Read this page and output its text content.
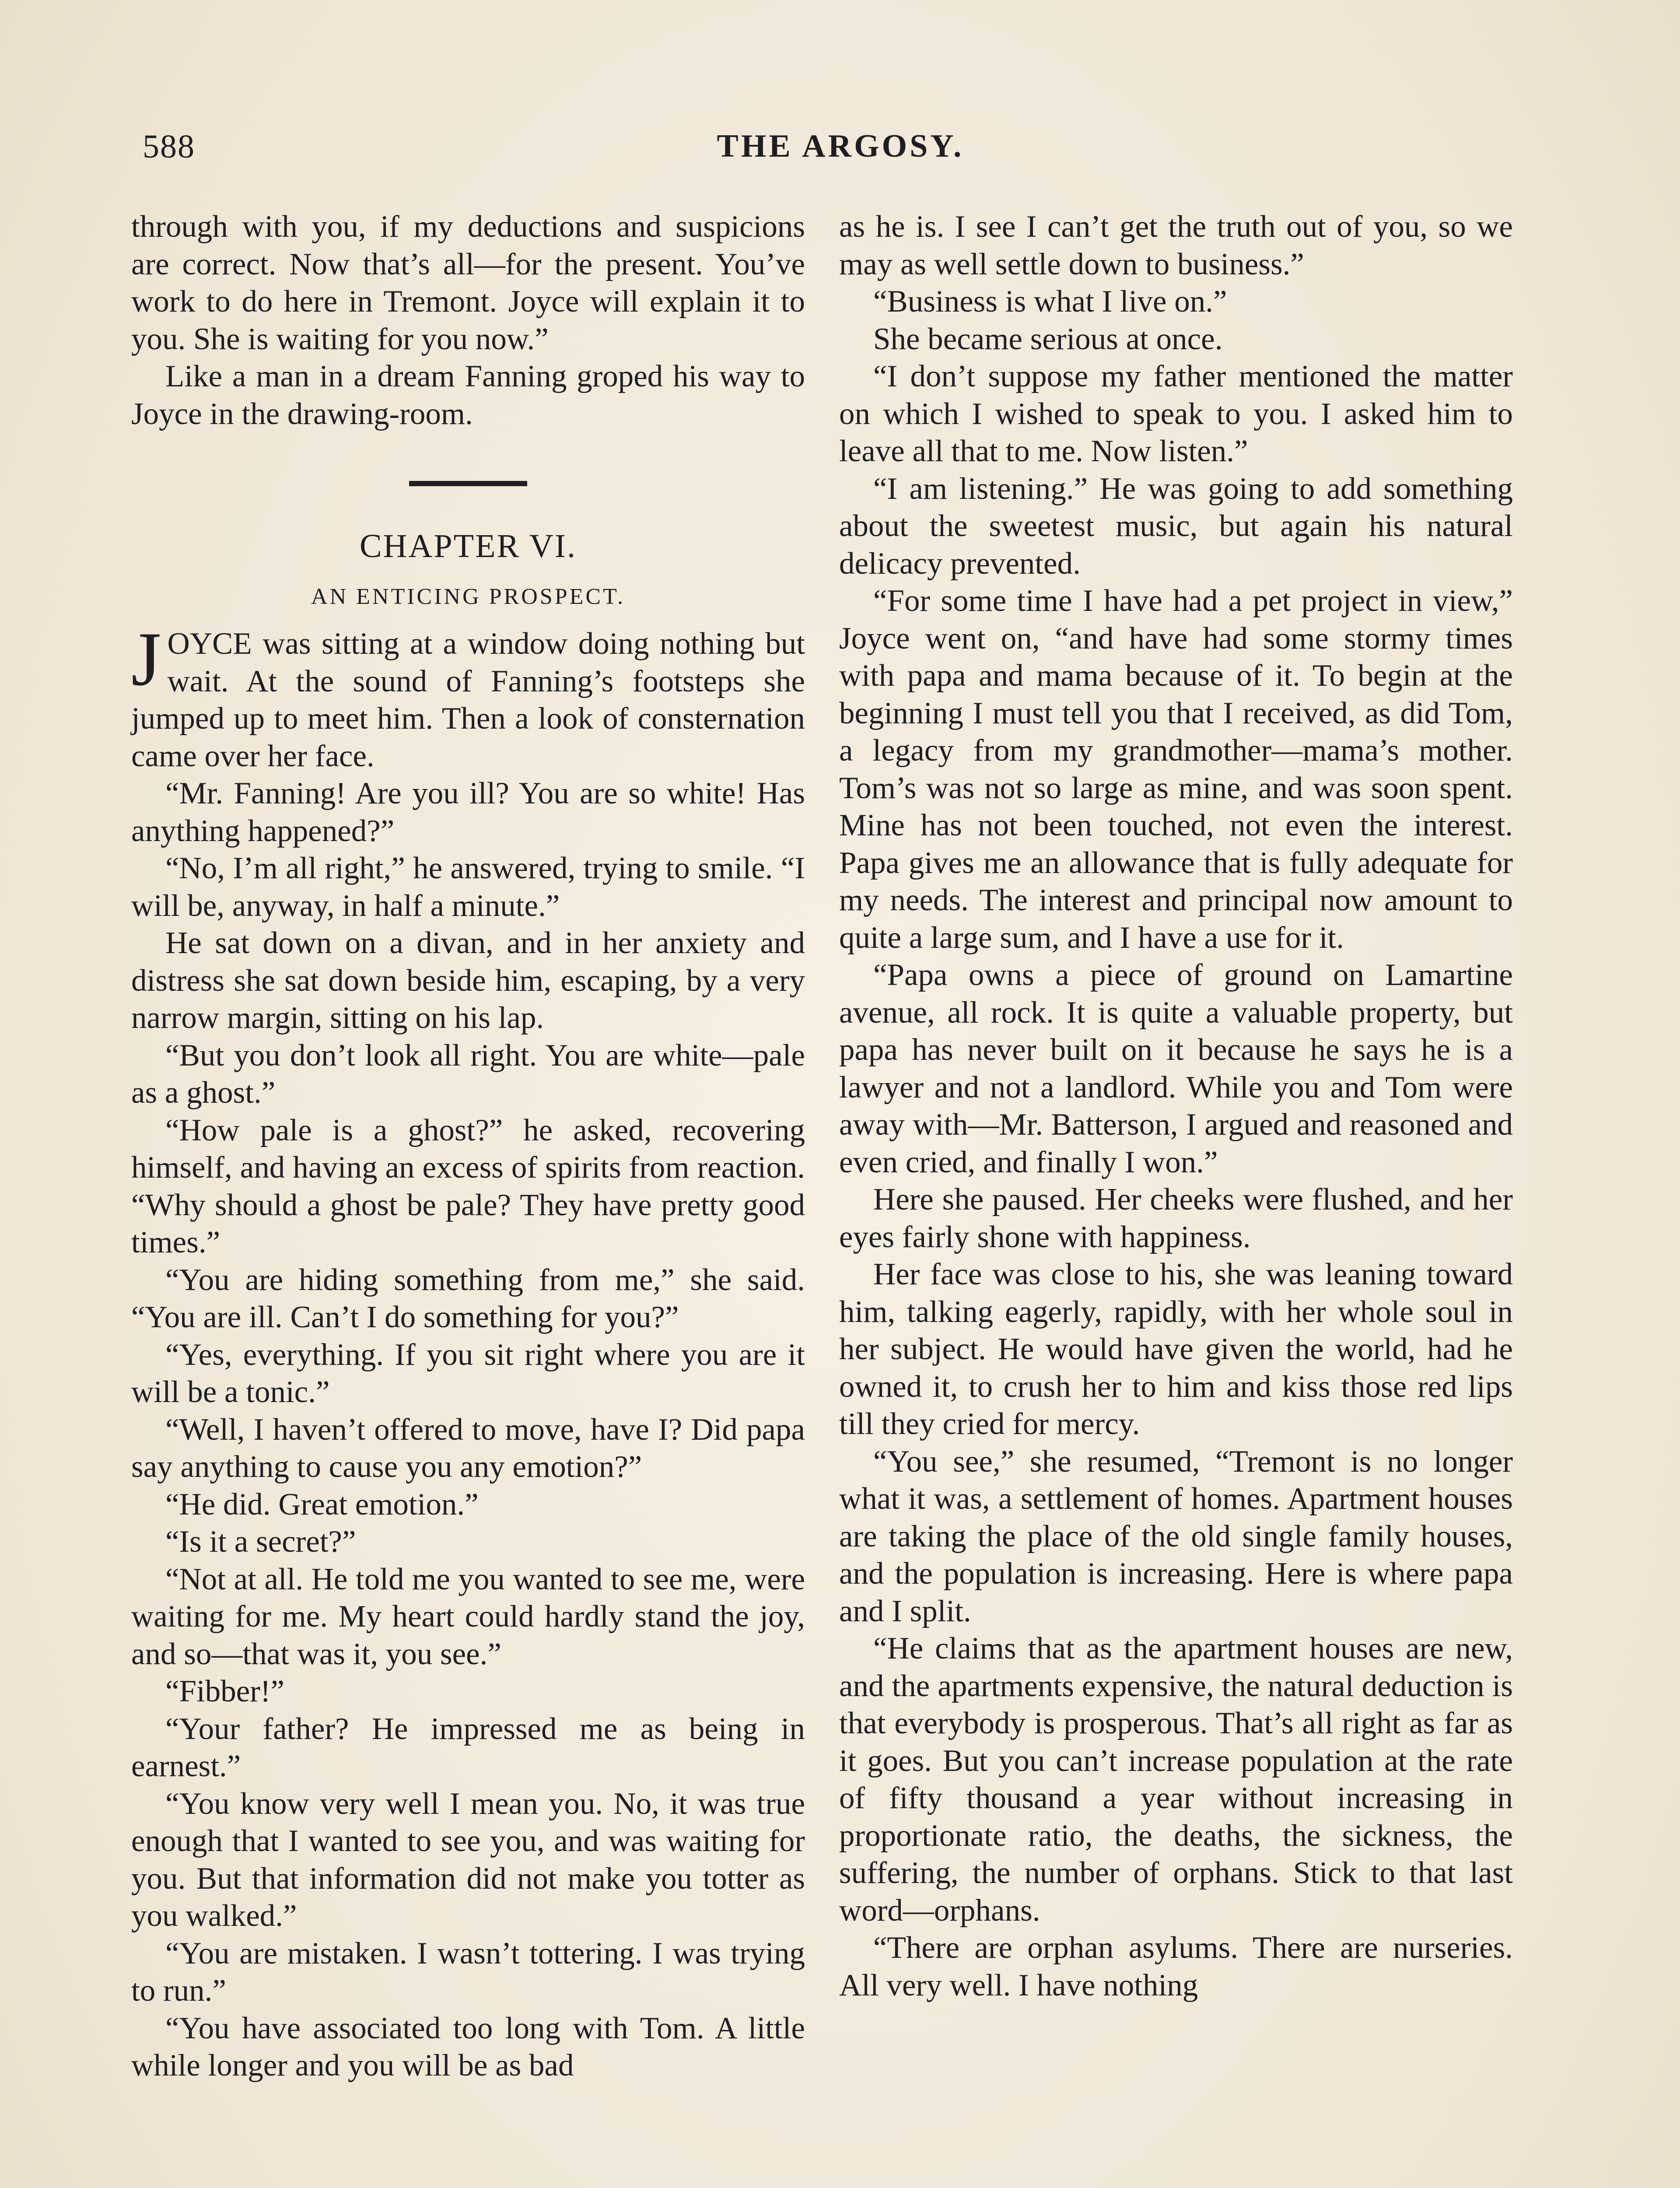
588	THE ARGOSY.

through with you, if my deductions and suspicions are correct. Now that’s all—for the present. You’ve work to do here in Tremont. Joyce will explain it to you. She is waiting for you now.”

Like a man in a dream Fanning groped his way to Joyce in the drawing-room.

CHAPTER VI.
AN ENTICING PROSPECT.

JOYCE was sitting at a window doing nothing but wait. At the sound of Fanning’s footsteps she jumped up to meet him. Then a look of consternation came over her face.

“Mr. Fanning! Are you ill? You are so white! Has anything happened?”

“No, I’m all right,” he answered, trying to smile. “I will be, anyway, in half a minute.”

He sat down on a divan, and in her anxiety and distress she sat down beside him, escaping, by a very narrow margin, sitting on his lap.

“But you don’t look all right. You are white—pale as a ghost.”

“How pale is a ghost?” he asked, recovering himself, and having an excess of spirits from reaction. “Why should a ghost be pale? They have pretty good times.”

“You are hiding something from me,” she said. “You are ill. Can’t I do something for you?”

“Yes, everything. If you sit right where you are it will be a tonic.”

“Well, I haven’t offered to move, have I? Did papa say anything to cause you any emotion?”

“He did. Great emotion.”

“Is it a secret?”

“Not at all. He told me you wanted to see me, were waiting for me. My heart could hardly stand the joy, and so—that was it, you see.”

“Fibber!”

“Your father? He impressed me as being in earnest.”

“You know very well I mean you. No, it was true enough that I wanted to see you, and was waiting for you. But that information did not make you totter as you walked.”

“You are mistaken. I wasn’t tottering. I was trying to run.”

“You have associated too long with Tom. A little while longer and you will be as bad

as he is. I see I can’t get the truth out of you, so we may as well settle down to business.”

“Business is what I live on.”

She became serious at once.

“I don’t suppose my father mentioned the matter on which I wished to speak to you. I asked him to leave all that to me. Now listen.”

“I am listening.” He was going to add something about the sweetest music, but again his natural delicacy prevented.

“For some time I have had a pet project in view,” Joyce went on, “and have had some stormy times with papa and mama because of it. To begin at the beginning I must tell you that I received, as did Tom, a legacy from my grandmother—mama’s mother. Tom’s was not so large as mine, and was soon spent. Mine has not been touched, not even the interest. Papa gives me an allowance that is fully adequate for my needs. The interest and principal now amount to quite a large sum, and I have a use for it.

“Papa owns a piece of ground on Lamartine avenue, all rock. It is quite a valuable property, but papa has never built on it because he says he is a lawyer and not a landlord. While you and Tom were away with—Mr. Batterson, I argued and reasoned and even cried, and finally I won.”

Here she paused. Her cheeks were flushed, and her eyes fairly shone with happiness.

Her face was close to his, she was leaning toward him, talking eagerly, rapidly, with her whole soul in her subject. He would have given the world, had he owned it, to crush her to him and kiss those red lips till they cried for mercy.

“You see,” she resumed, “Tremont is no longer what it was, a settlement of homes. Apartment houses are taking the place of the old single family houses, and the population is increasing. Here is where papa and I split.

“He claims that as the apartment houses are new, and the apartments expensive, the natural deduction is that everybody is prosperous. That’s all right as far as it goes. But you can’t increase population at the rate of fifty thousand a year without increasing in proportionate ratio, the deaths, the sickness, the suffering, the number of orphans. Stick to that last word—orphans.

“There are orphan asylums. There are nurseries. All very well. I have nothing
